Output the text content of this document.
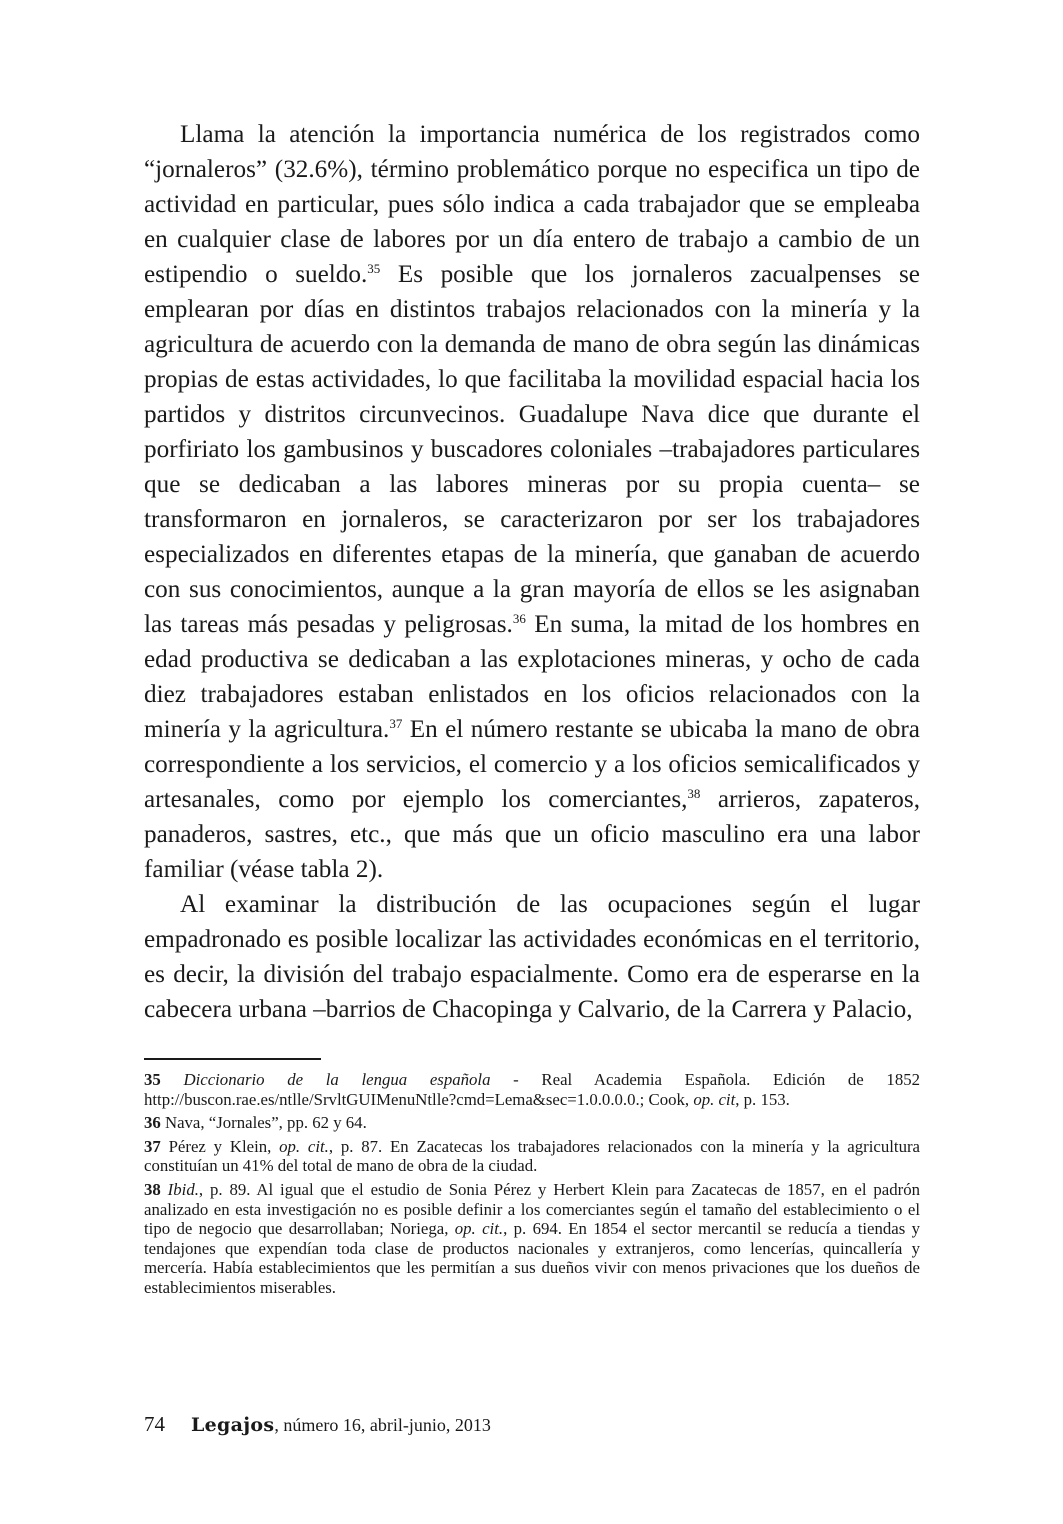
Llama la atención la importancia numérica de los registrados como “jornaleros” (32.6%), término problemático porque no especifica un tipo de actividad en particular, pues sólo indica a cada trabajador que se empleaba en cualquier clase de labores por un día entero de trabajo a cambio de un estipendio o sueldo.$^{35}$ Es posible que los jornaleros zacualpenses se emplearan por días en distintos trabajos relacionados con la minería y la agricultura de acuerdo con la demanda de mano de obra según las dinámicas propias de estas actividades, lo que facilitaba la movilidad espacial hacia los partidos y distritos circunvecinos. Guadalupe Nava dice que durante el porfiriato los gambusinos y buscadores coloniales –trabajadores particulares que se dedicaban a las labores mineras por su propia cuenta– se transformaron en jornaleros, se caracterizaron por ser los trabajadores especializados en diferentes etapas de la minería, que ganaban de acuerdo con sus conocimientos, aunque a la gran mayoría de ellos se les asignaban las tareas más pesadas y peligrosas.$^{36}$ En suma, la mitad de los hombres en edad productiva se dedicaban a las explotaciones mineras, y ocho de cada diez trabajadores estaban enlistados en los oficios relacionados con la minería y la agricultura.$^{37}$ En el número restante se ubicaba la mano de obra correspondiente a los servicios, el comercio y a los oficios semicalificados y artesanales, como por ejemplo los comerciantes,$^{38}$ arrieros, zapateros, panaderos, sastres, etc., que más que un oficio masculino era una labor familiar (véase tabla 2).

Al examinar la distribución de las ocupaciones según el lugar empadronado es posible localizar las actividades económicas en el territorio, es decir, la división del trabajo espacialmente. Como era de esperarse en la cabecera urbana –barrios de Chacopinga y Calvario, de la Carrera y Palacio,

35 Diccionario de la lengua española - Real Academia Española. Edición de 1852 http://buscon.rae.es/ntlle/SrvltGUIMenuNtlle?cmd=Lema&sec=1.0.0.0.0.; Cook, op. cit, p. 153.

36 Nava, “Jornales”, pp. 62 y 64.

37 Pérez y Klein, op. cit., p. 87. En Zacatecas los trabajadores relacionados con la minería y la agricultura constituían un 41% del total de mano de obra de la ciudad.

38 Ibid., p. 89. Al igual que el estudio de Sonia Pérez y Herbert Klein para Zacatecas de 1857, en el padrón analizado en esta investigación no es posible definir a los comerciantes según el tamaño del establecimiento o el tipo de negocio que desarrollaban; Noriega, op. cit., p. 694. En 1854 el sector mercantil se reducía a tiendas y tendajones que expendían toda clase de productos nacionales y extranjeros, como lencerías, quincallería y mercería. Había establecimientos que les permitían a sus dueños vivir con menos privaciones que los dueños de establecimientos miserables.

74 Legajos, número 16, abril-junio, 2013
